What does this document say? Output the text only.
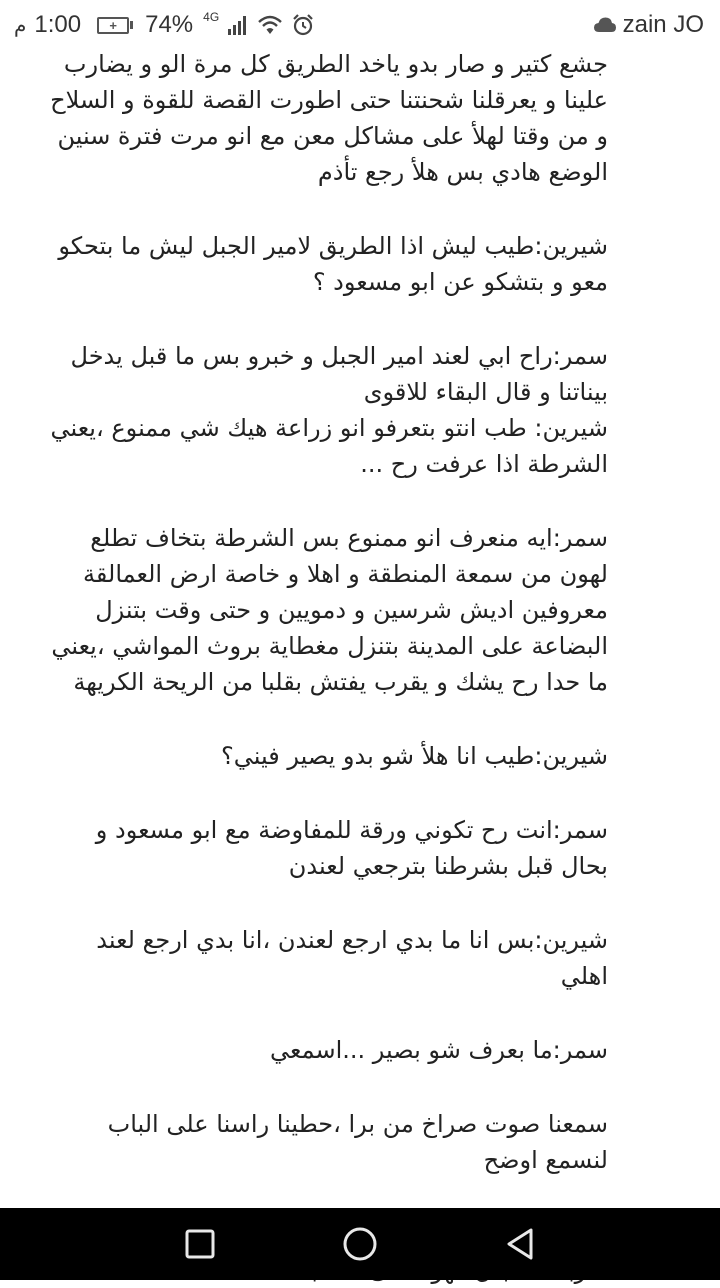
م 1:00	+	74% 4G	zain JO

جشع كتير و صار بدو ياخد الطريق كل مرة الو و يضارب علينا و يعرقلنا شحنتنا حتى اطورت القصة للقوة و السلاح و من وقتا لهلأ على مشاكل معن مع انو مرت فترة سنين الوضع هادي بس هلأ رجع تأذم

شيرين:طيب ليش اذا الطريق لامير الجبل ليش ما بتحكو معو و بتشكو عن ابو مسعود ؟

سمر:راح ابي لعند امير الجبل و خبرو بس ما قبل يدخل بيناتنا و قال البقاء للاقوى

شيرين: طب انتو بتعرفو انو زراعة هيك شي ممنوع ،يعني الشرطة اذا عرفت رح ...

سمر:ايه منعرف انو ممنوع بس الشرطة بتخاف تطلع لهون من سمعة المنطقة و اهلا و خاصة ارض العمالقة معروفين اديش شرسين و دمويين و حتى وقت بتنزل البضاعة على المدينة بتنزل مغطاية بروث المواشي ،يعني ما حدا رح يشك و يقرب يفتش بقلبا من الريحة الكريهة

شيرين:طيب انا هلأ شو بدو يصير فيني؟

سمر:انت رح تكوني ورقة للمفاوضة مع ابو مسعود و بحال قبل بشرطنا بترجعي لعندن

شيرين:بس انا ما بدي ارجع لعندن ،انا بدي ارجع لعند اهلي

سمر:ما بعرف شو بصير ...اسمعي

سمعنا صوت صراخ من برا ،حطينا راسنا على الباب لنسمع اوضح
